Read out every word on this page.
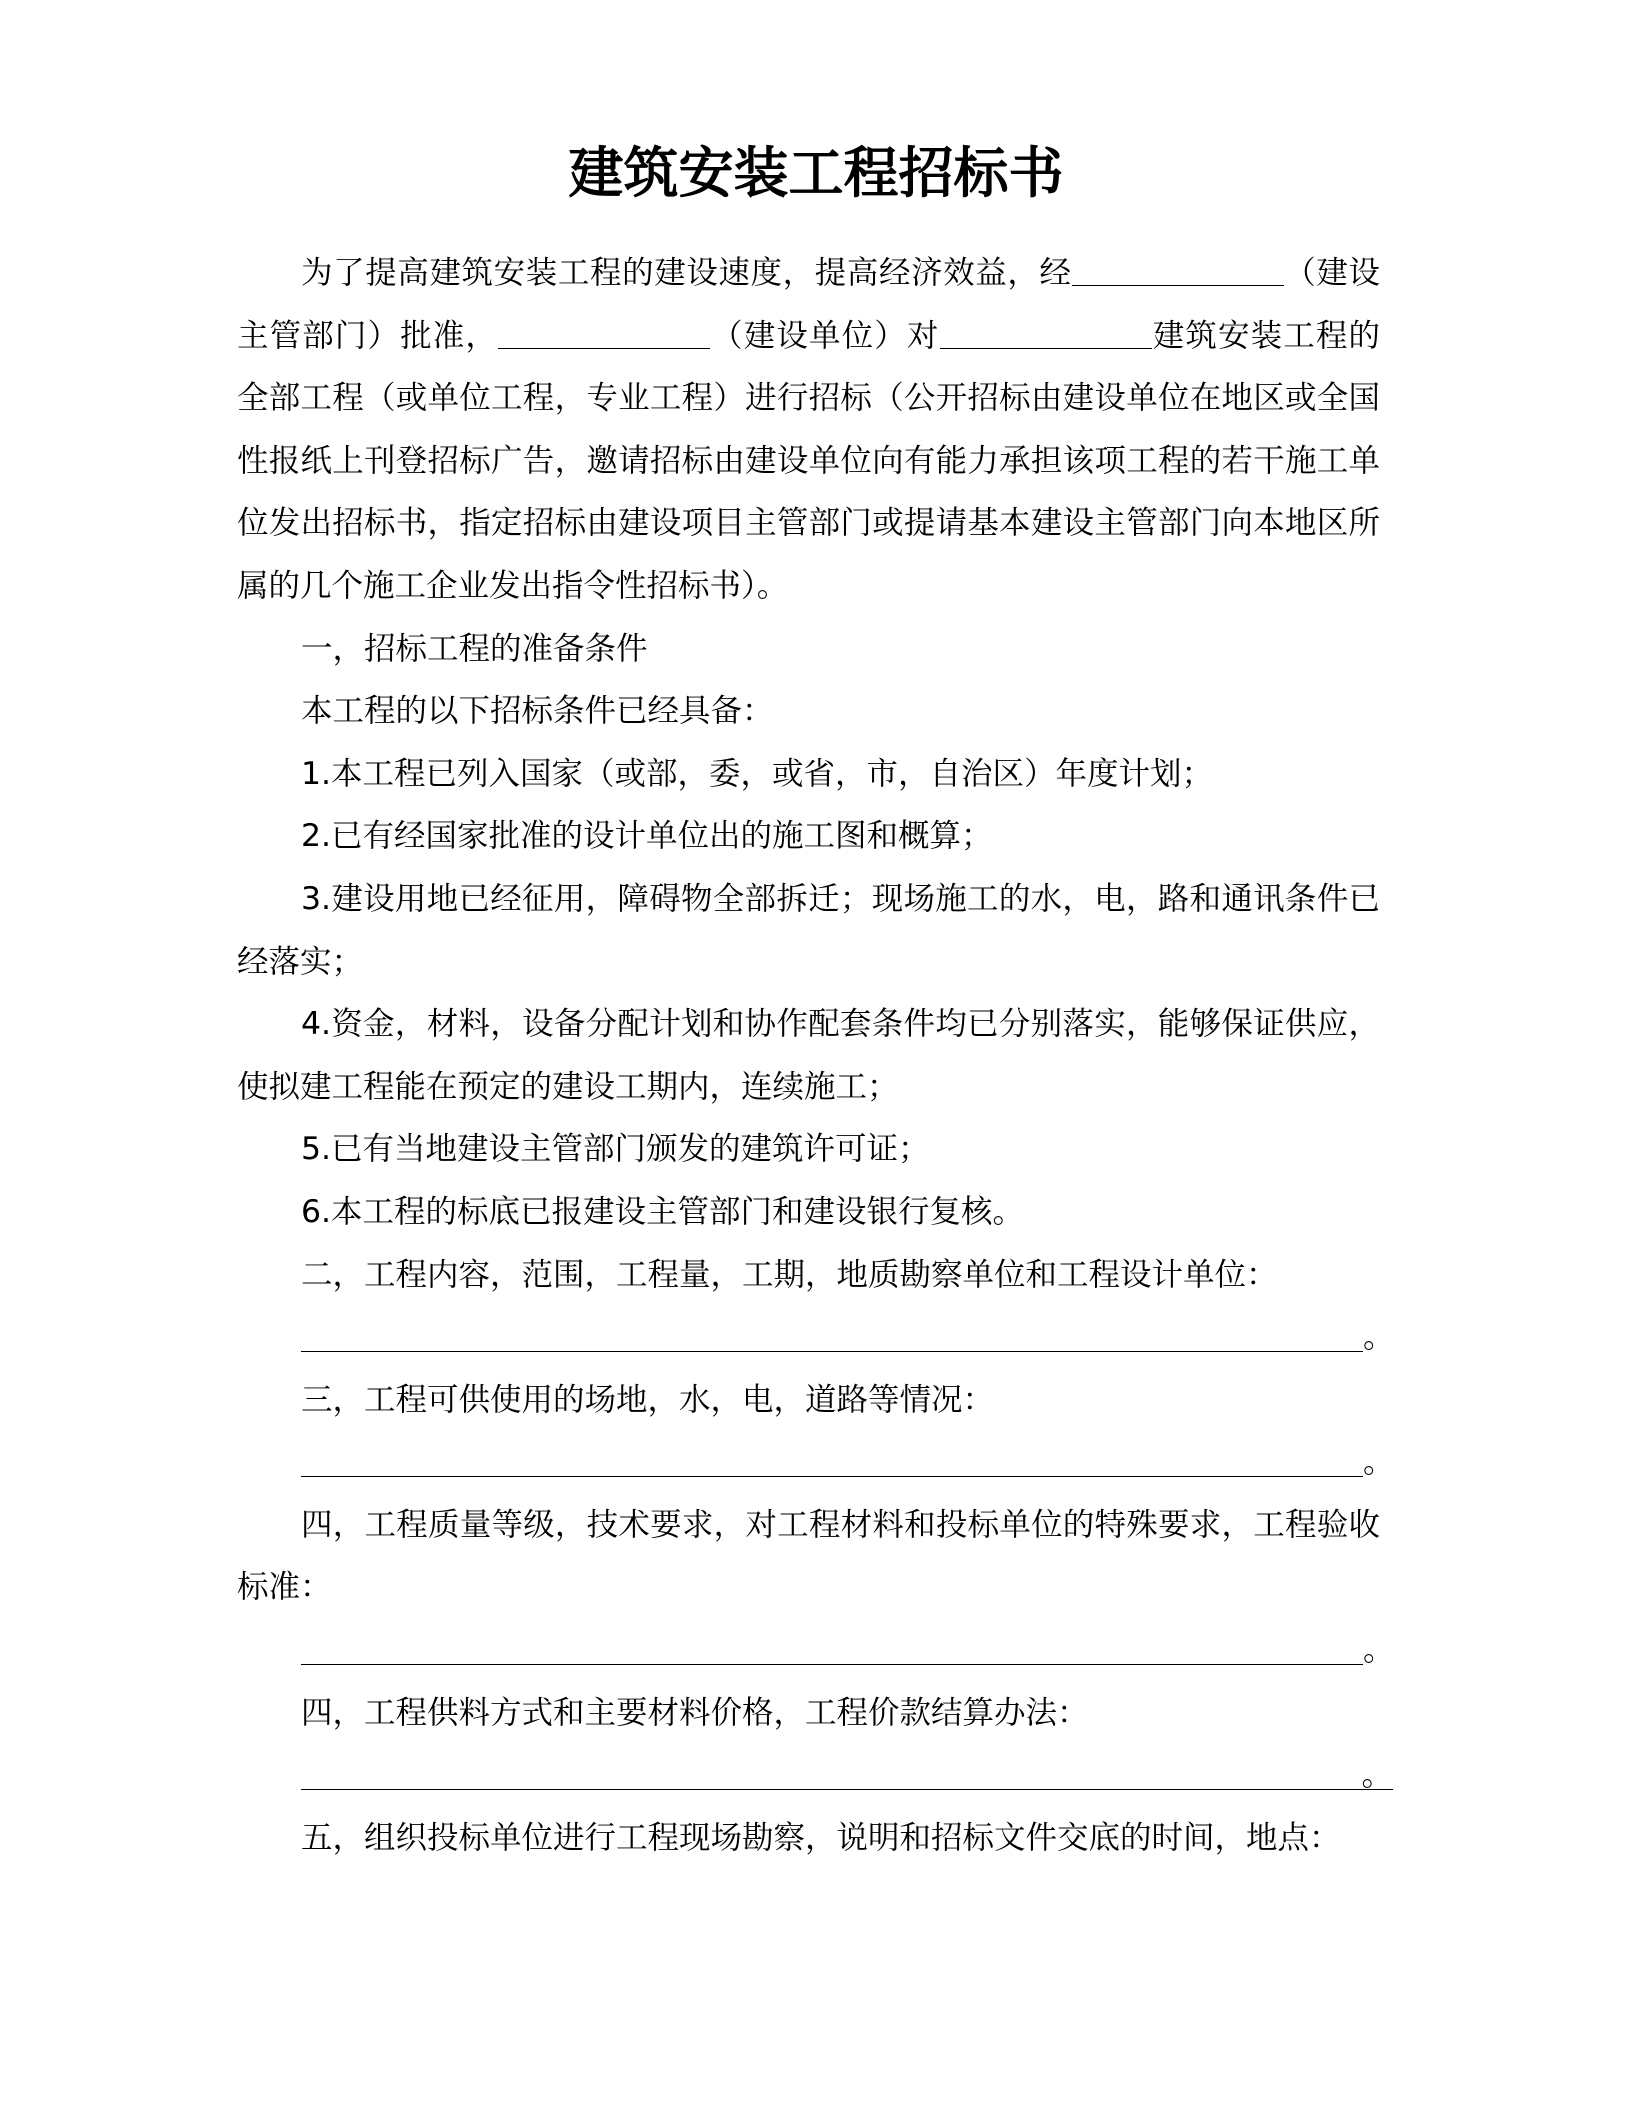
建筑安装工程招标书
为了提高建筑安装工程的建设速度，提高经济效益，经	（建设
主管部门）批准，	（建设单位）对	建筑安装工程的
全部工程（或单位工程，专业工程）进行招标（公开招标由建设单位在地区或全国
性报纸上刊登招标广告，邀请招标由建设单位向有能力承担该项工程的若干施工单
位发出招标书，指定招标由建设项目主管部门或提请基本建设主管部门向本地区所
属的几个施工企业发出指令性招标书）。
一，招标工程的准备条件
本工程的以下招标条件已经具备：
1.本工程已列入国家（或部，委，或省，市，自治区）年度计划；
2.已有经国家批准的设计单位出的施工图和概算；
3.建设用地已经征用，障碍物全部拆迁；现场施工的水，电，路和通讯条件已
经落实；
4.资金，材料，设备分配计划和协作配套条件均已分别落实，能够保证供应，
使拟建工程能在预定的建设工期内，连续施工；
5.已有当地建设主管部门颁发的建筑许可证；
6.本工程的标底已报建设主管部门和建设银行复核。
二，工程内容，范围，工程量，工期，地质勘察单位和工程设计单位：
。
三，工程可供使用的场地，水，电，道路等情况：
。
四，工程质量等级，技术要求，对工程材料和投标单位的特殊要求，工程验收
标准：
。
四，工程供料方式和主要材料价格，工程价款结算办法：
。
五，组织投标单位进行工程现场勘察，说明和招标文件交底的时间，地点：
